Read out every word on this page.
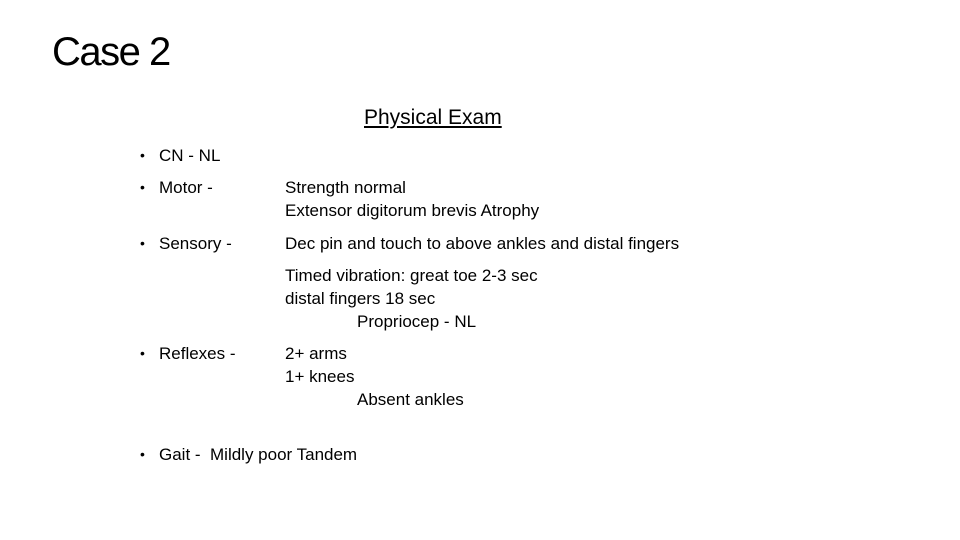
Case 2
Physical Exam
• CN - NL
• Motor -	Strength normal
Extensor digitorum brevis Atrophy
• Sensory -	Dec pin and touch to above ankles and distal fingers
Timed vibration: great toe 2-3 sec
distal fingers 18 sec
Propriocep - NL
• Reflexes -	2+ arms
1+ knees
Absent ankles
• Gait -  Mildly poor Tandem
